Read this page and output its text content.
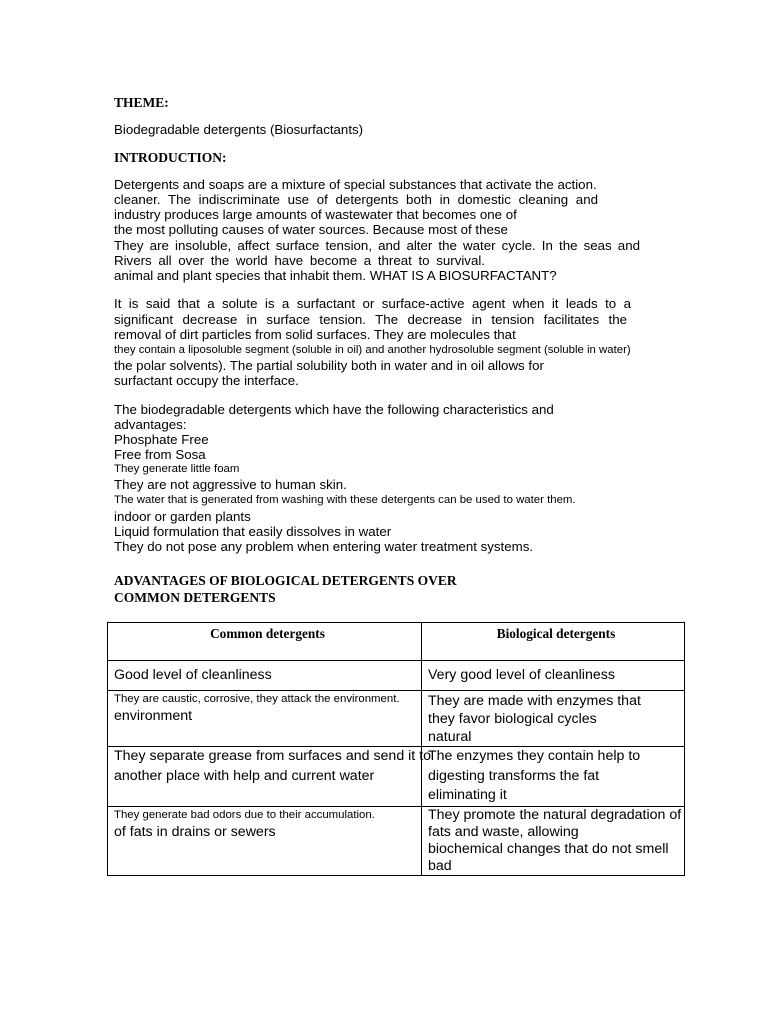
THEME:
Biodegradable detergents (Biosurfactants)
INTRODUCTION:
Detergents and soaps are a mixture of special substances that activate the action.
cleaner. The indiscriminate use of detergents both in domestic cleaning and
industry produces large amounts of wastewater that becomes one of
the most polluting causes of water sources. Because most of these
They are insoluble, affect surface tension, and alter the water cycle. In the seas and
Rivers all over the world have become a threat to survival.
animal and plant species that inhabit them. WHAT IS A BIOSURFACTANT?
It is said that a solute is a surfactant or surface-active agent when it leads to a
significant decrease in surface tension. The decrease in tension facilitates the
removal of dirt particles from solid surfaces. They are molecules that
they contain a liposoluble segment (soluble in oil) and another hydrosoluble segment (soluble in water)
the polar solvents). The partial solubility both in water and in oil allows for
surfactant occupy the interface.
The biodegradable detergents which have the following characteristics and
advantages:
Phosphate Free
Free from Sosa
They generate little foam
They are not aggressive to human skin.
The water that is generated from washing with these detergents can be used to water them.
indoor or garden plants
Liquid formulation that easily dissolves in water
They do not pose any problem when entering water treatment systems.
ADVANTAGES OF BIOLOGICAL DETERGENTS OVER
COMMON DETERGENTS
Common detergents	Biological detergents

Good level of cleanliness	Very good level of cleanliness

They are caustic, corrosive, they attack the environment.
environment	They are made with enzymes that
they favor biological cycles
natural

They separate grease from surfaces and send it to
another place with help and current water	The enzymes they contain help to
digesting transforms the fat
eliminating it

They generate bad odors due to their accumulation.
of fats in drains or sewers	They promote the natural degradation of
fats and waste, allowing
biochemical changes that do not smell
bad
